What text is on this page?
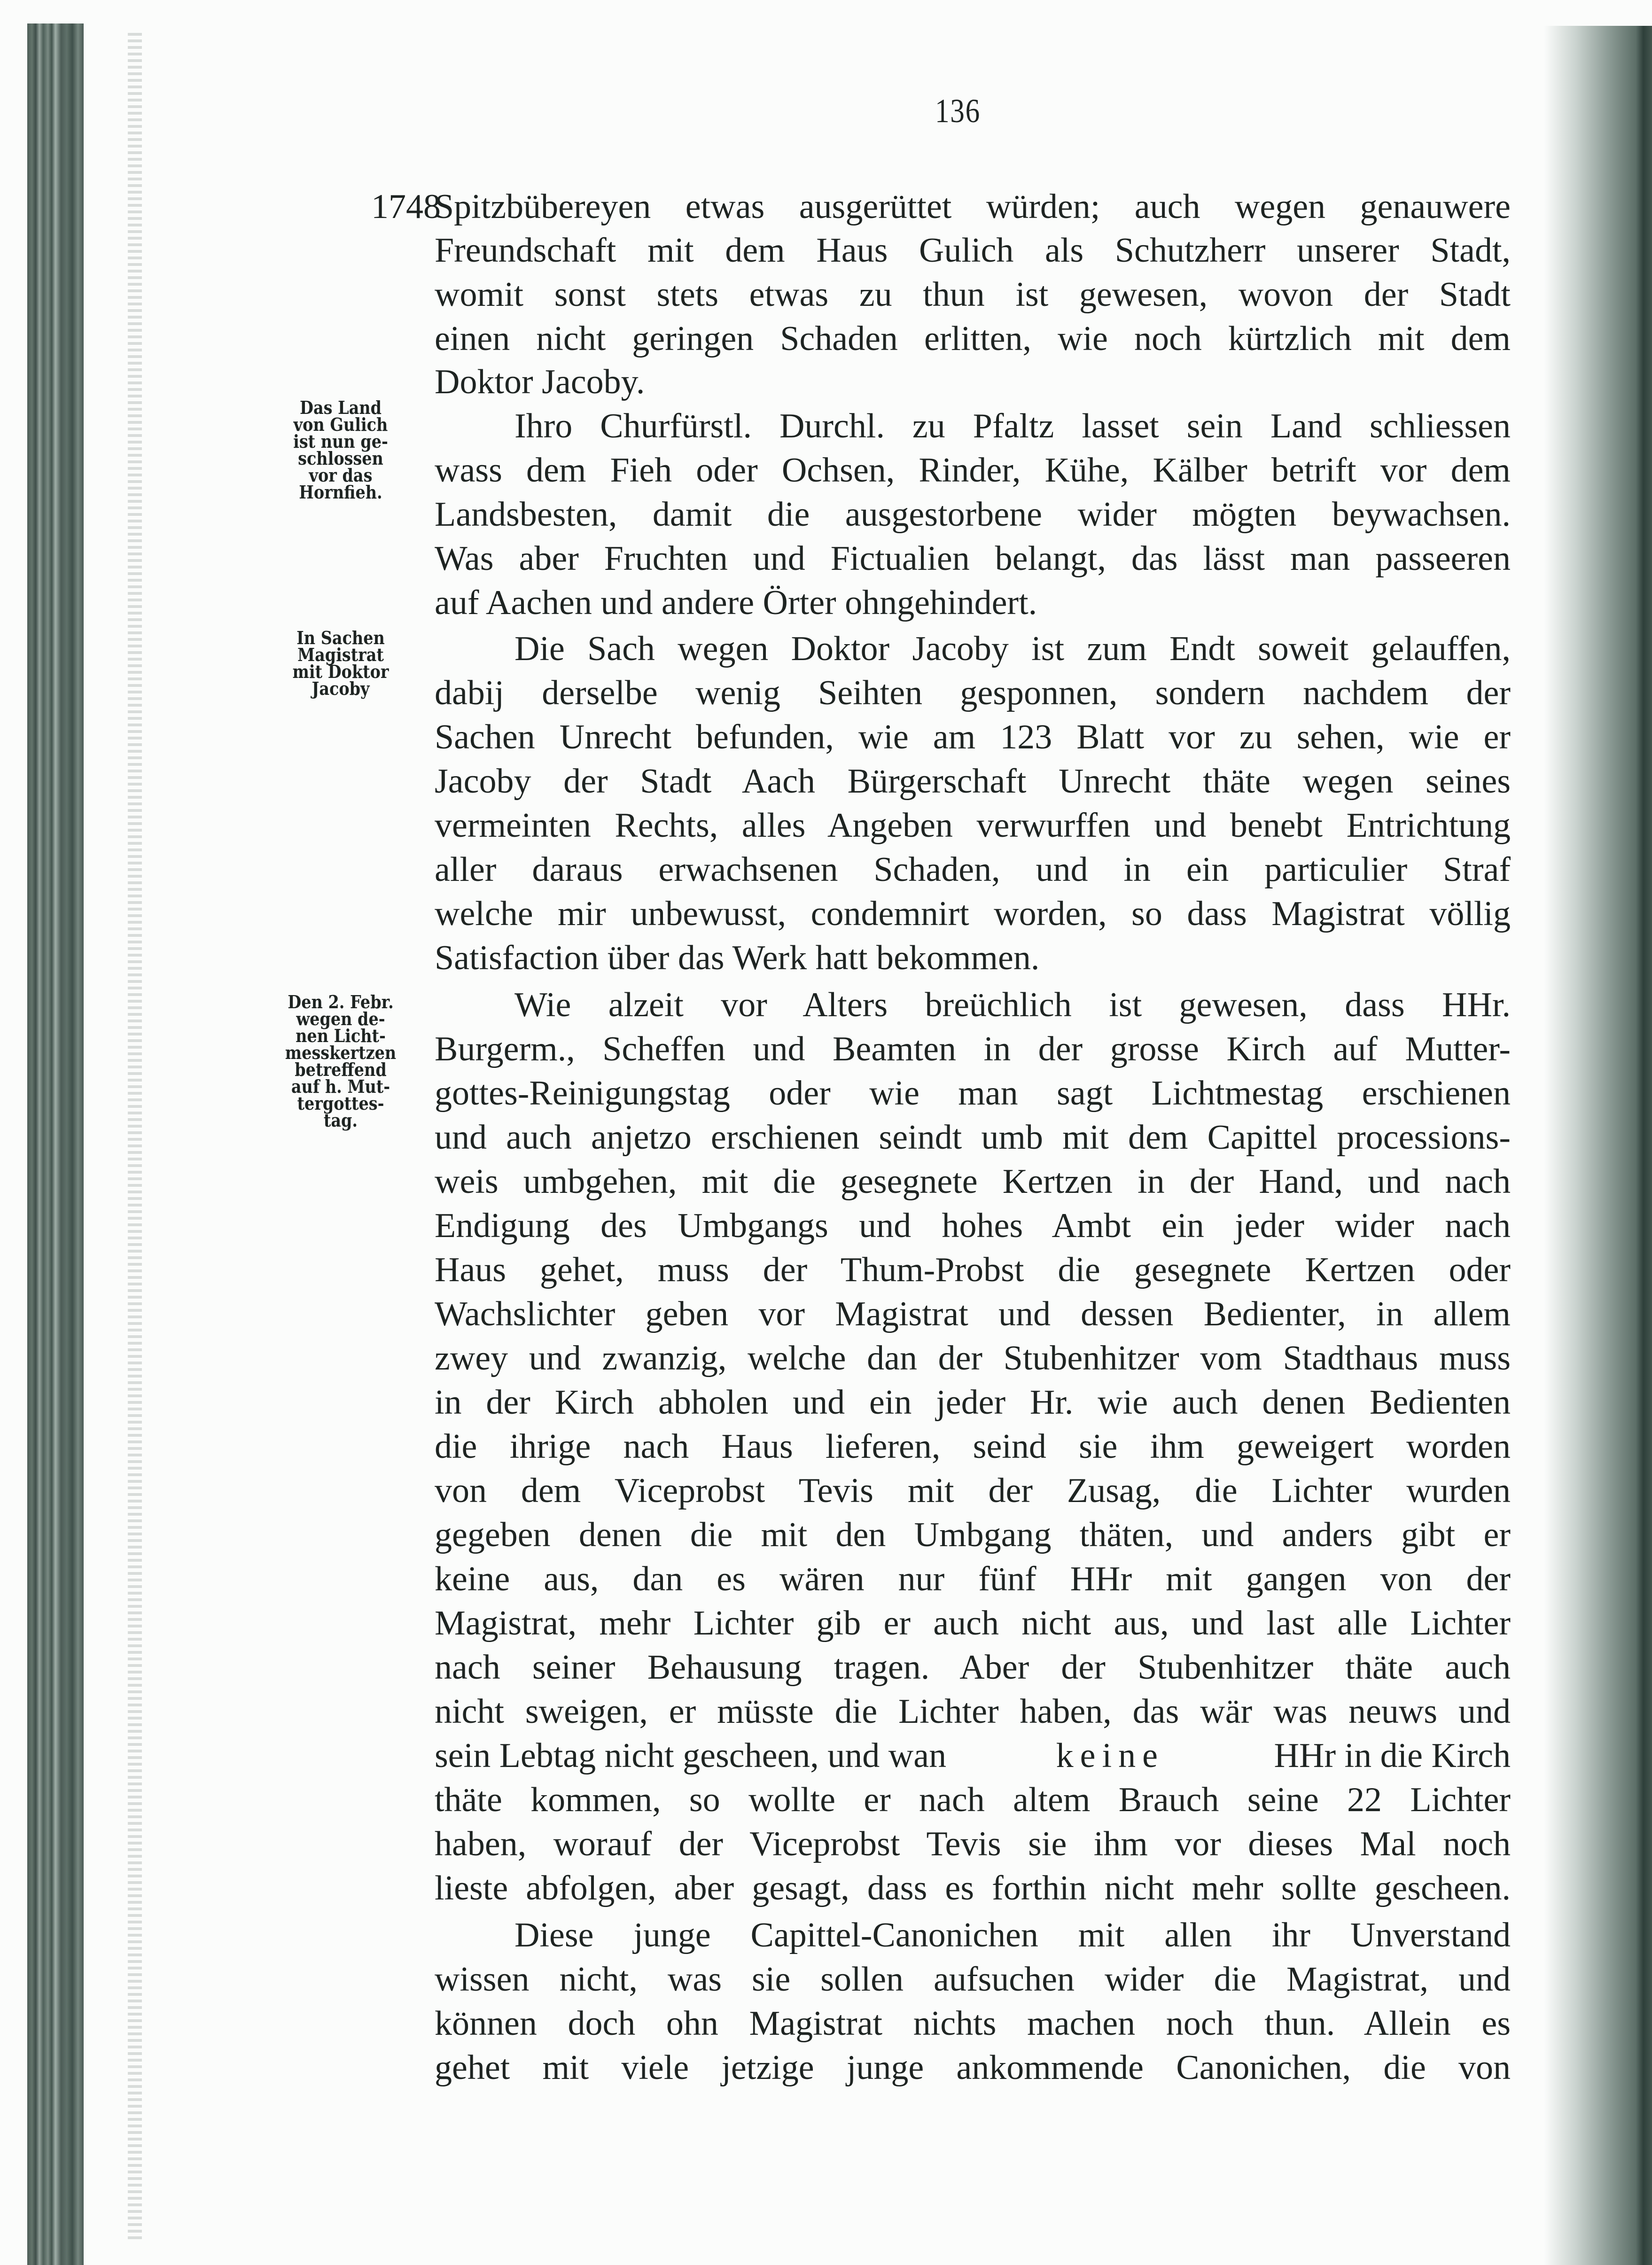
136
1748
Das Land
von Gulich
ist nun ge-
schlossen
vor das
Hornfieh.
In Sachen
Magistrat
mit Doktor
Jacoby
Den 2. Febr.
wegen de-
nen Licht-
messkertzen
betreffend
auf h. Mut-
tergottes-
tag.
Spitzbübereyen etwas ausgerüttet würden; auch wegen genauwere
Freundschaft mit dem Haus Gulich als Schutzherr unserer Stadt,
womit sonst stets etwas zu thun ist gewesen, wovon der Stadt
einen nicht geringen Schaden erlitten, wie noch kürtzlich mit dem
Doktor Jacoby.
Ihro Churfürstl. Durchl. zu Pfaltz lasset sein Land schliessen
wass dem Fieh oder Ochsen, Rinder, Kühe, Kälber betrift vor dem
Landsbesten, damit die ausgestorbene wider mögten beywachsen.
Was aber Fruchten und Fictualien belangt, das lässt man passeeren
auf Aachen und andere Örter ohngehindert.
Die Sach wegen Doktor Jacoby ist zum Endt soweit gelauffen,
dabij derselbe wenig Seihten gesponnen, sondern nachdem der
Sachen Unrecht befunden, wie am 123 Blatt vor zu sehen, wie er
Jacoby der Stadt Aach Bürgerschaft Unrecht thäte wegen seines
vermeinten Rechts, alles Angeben verwurffen und benebt Entrichtung
aller daraus erwachsenen Schaden, und in ein particulier Straf
welche mir unbewusst, condemnirt worden, so dass Magistrat völlig
Satisfaction über das Werk hatt bekommen.
Wie alzeit vor Alters breüchlich ist gewesen, dass HHr.
Burgerm., Scheffen und Beamten in der grosse Kirch auf Mutter-
gottes-Reinigungstag oder wie man sagt Lichtmestag erschienen
und auch anjetzo erschienen seindt umb mit dem Capittel processions-
weis umbgehen, mit die gesegnete Kertzen in der Hand, und nach
Endigung des Umbgangs und hohes Ambt ein jeder wider nach
Haus gehet, muss der Thum-Probst die gesegnete Kertzen oder
Wachslichter geben vor Magistrat und dessen Bedienter, in allem
zwey und zwanzig, welche dan der Stubenhitzer vom Stadthaus muss
in der Kirch abholen und ein jeder Hr. wie auch denen Bedienten
die ihrige nach Haus lieferen, seind sie ihm geweigert worden
von dem Viceprobst Tevis mit der Zusag, die Lichter wurden
gegeben denen die mit den Umbgang thäten, und anders gibt er
keine aus, dan es wären nur fünf HHr mit gangen von der
Magistrat, mehr Lichter gib er auch nicht aus, und last alle Lichter
nach seiner Behausung tragen. Aber der Stubenhitzer thäte auch
nicht sweigen, er müsste die Lichter haben, das wär was neuws und
sein Lebtag nicht gescheen, und wan	keine	HHr in die Kirch
thäte kommen, so wollte er nach altem Brauch seine 22 Lichter
haben, worauf der Viceprobst Tevis sie ihm vor dieses Mal noch
lieste abfolgen, aber gesagt, dass es forthin nicht mehr sollte gescheen.
Diese junge Capittel-Canonichen mit allen ihr Unverstand
wissen nicht, was sie sollen aufsuchen wider die Magistrat, und
können doch ohn Magistrat nichts machen noch thun. Allein es
gehet mit viele jetzige junge ankommende Canonichen, die von
